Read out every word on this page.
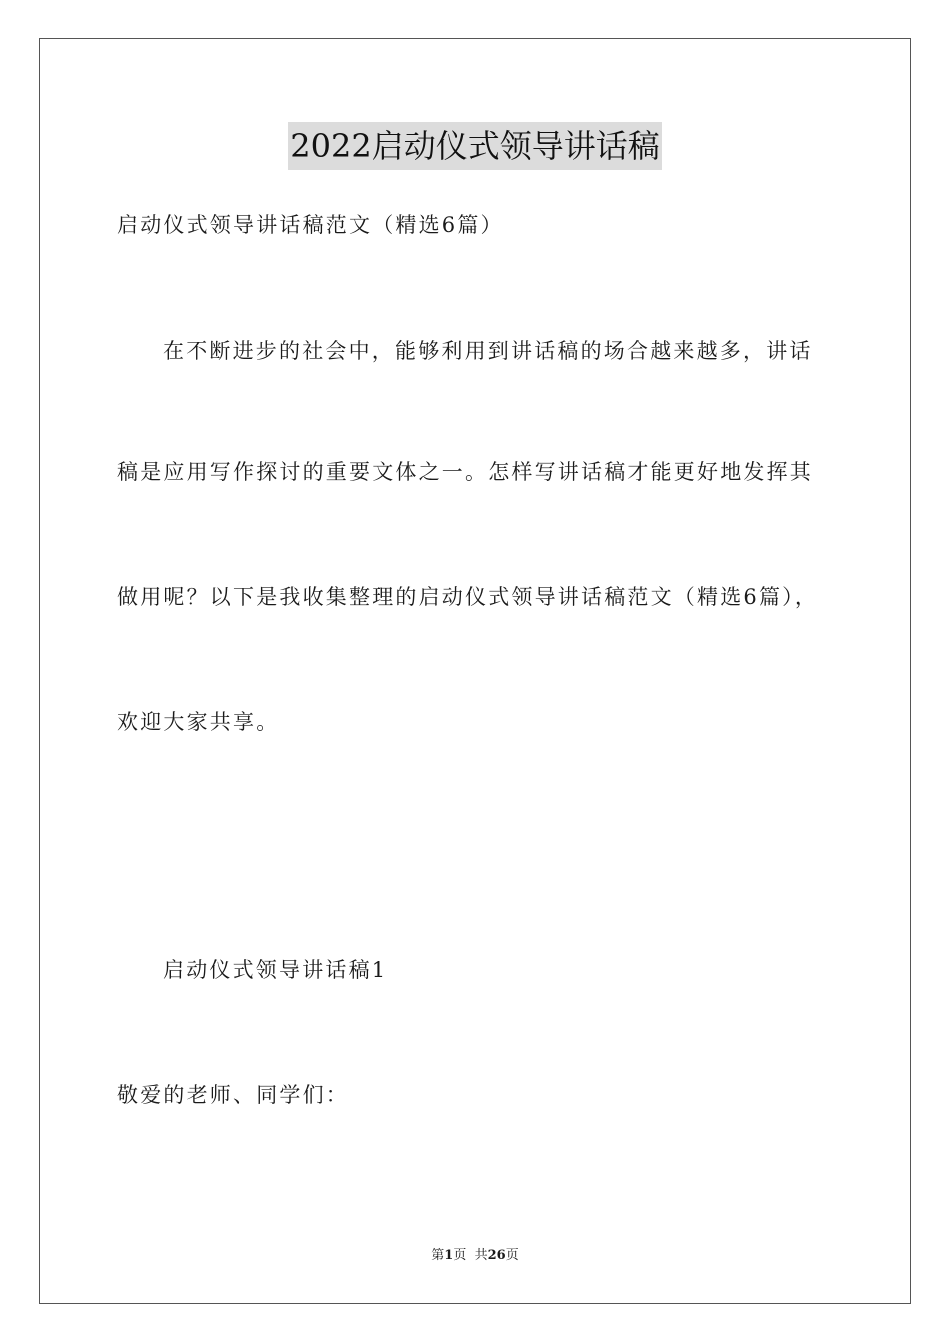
2022启动仪式领导讲话稿
启动仪式领导讲话稿范文（精选6篇）
在不断进步的社会中，能够利用到讲话稿的场合越来越多，讲话
稿是应用写作探讨的重要文体之一。怎样写讲话稿才能更好地发挥其
做用呢？以下是我收集整理的启动仪式领导讲话稿范文（精选6篇），
欢迎大家共享。
启动仪式领导讲话稿1
敬爱的老师、同学们：
第1页  共26页
